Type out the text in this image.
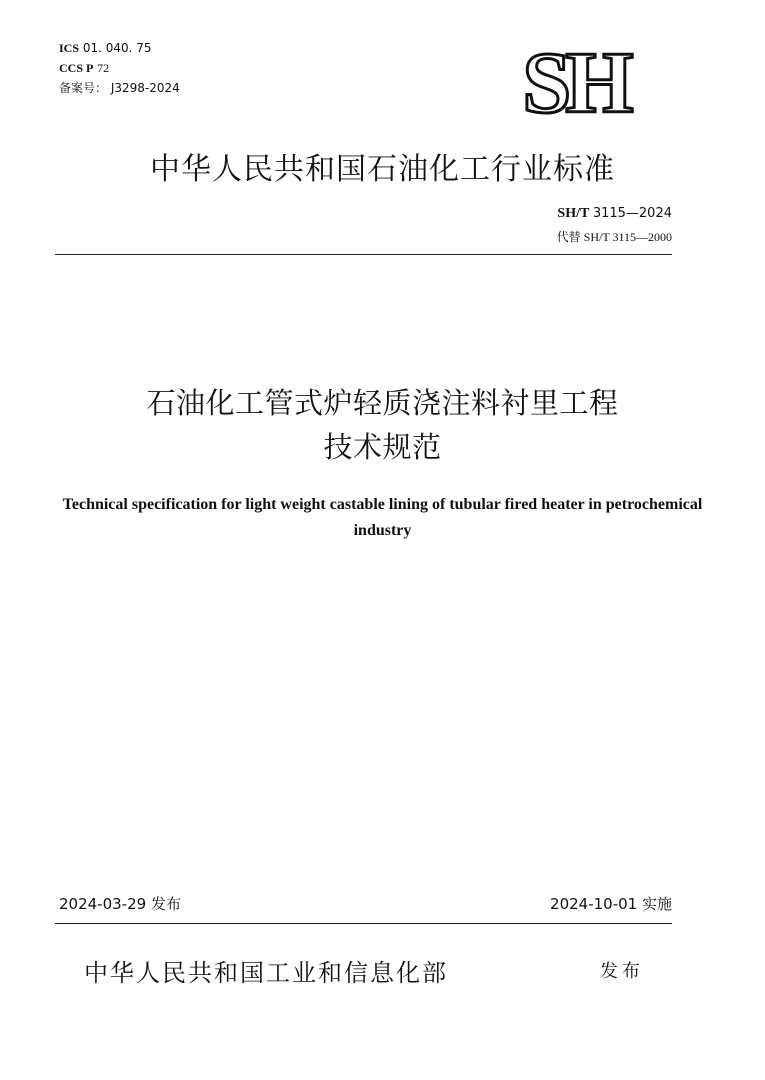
ICS 01. 040. 75
CCS P 72
备案号： J3298-2024	SH
中华人民共和国石油化工行业标准
SH/T 3115—2024
代替 SH/T 3115—2000
石油化工管式炉轻质浇注料衬里工程
技术规范
Technical specification for light weight castable lining of tubular fired heater in petrochemical industry
2024-03-29 发布	2024-10-01 实施
中华人民共和国工业和信息化部	发布
